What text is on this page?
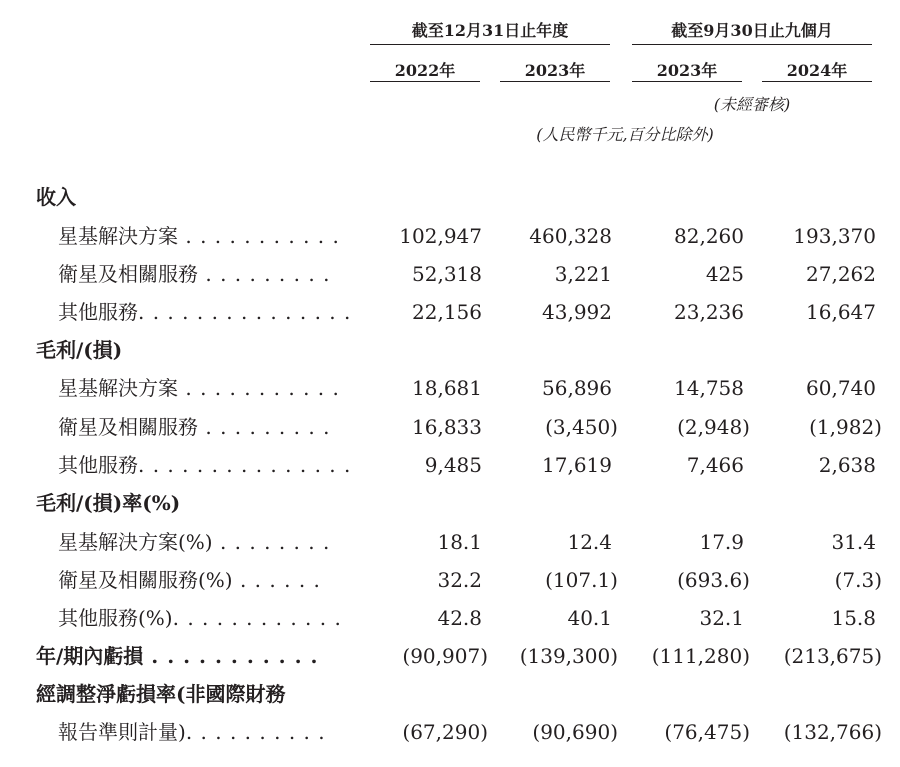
截至12月31日止年度	截至9月30日止九個月
2022年	2023年	2023年	2024年
(未經審核)
(人民幣千元,百分比除外)
收入
星基解決方案 . . . . . . . . . . .	102,947 460,328	82,260 193,370
衛星及相關服務 . . . . . . . . .	52,318	3,221	425	27,262
其他服務. . . . . . . . . . . . . . .	22,156	43,992	23,236	16,647
毛利/(損)
星基解決方案 . . . . . . . . . . .	18,681	56,896	14,758	60,740
衛星及相關服務 . . . . . . . . .	16,833	(3,450)	(2,948)	(1,982)
其他服務. . . . . . . . . . . . . . .	9,485	17,619	7,466	2,638
毛利/(損)率(%)
星基解決方案(%) . . . . . . . .	18.1	12.4	17.9	31.4
衛星及相關服務(%) . . . . . .	32.2	(107.1)	(693.6)	(7.3)
其他服務(%). . . . . . . . . . . .	42.8	40.1	32.1	15.8
年/期內虧損 . . . . . . . . . . .	(90,907) (139,300) (111,280) (213,675)
經調整淨虧損率(非國際財務
報告準則計量). . . . . . . . . .	(67,290) (90,690) (76,475) (132,766)
